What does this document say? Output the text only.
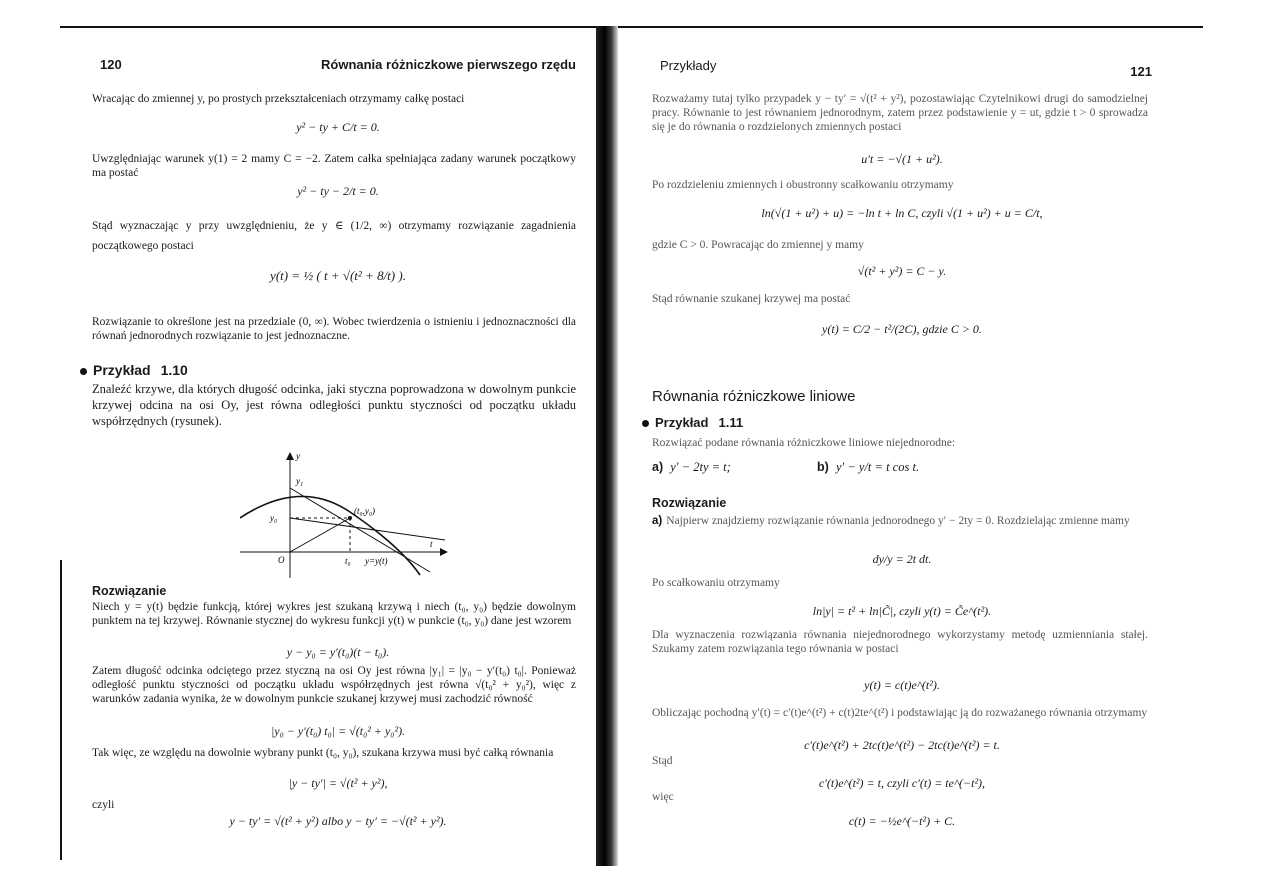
120	Równania różniczkowe pierwszego rzędu

Wracając do zmiennej y, po prostych przekształceniach otrzymamy całkę postaci

y² − ty + C/t = 0.

Uwzględniając warunek y(1) = 2 mamy C = −2. Zatem całka spełniająca zadany warunek początkowy ma postać

y² − ty − 2/t = 0.

Stąd wyznaczając y przy uwzględnieniu, że y ∈ (1/2, ∞) otrzymamy rozwiązanie zagadnienia początkowego postaci

y(t) = ½ ( t + √(t² + 8/t) ).

Rozwiązanie to określone jest na przedziale (0, ∞). Wobec twierdzenia o istnieniu i jednoznaczności dla równań jednorodnych rozwiązanie to jest jednoznaczne.

Przykład 1.10

Znaleźć krzywe, dla których długość odcinka, jaki styczna poprowadzona w dowolnym punkcie krzywej odcina na osi Oy, jest równa odległości punktu styczności od początku układu współrzędnych (rysunek).

y
y₁
y₀
(t₀,y₀)
t
O	t₀ y=y(t)
Rozwiązanie

Niech y = y(t) będzie funkcją, której wykres jest szukaną krzywą i niech (t₀, y₀) będzie dowolnym punktem na tej krzywej. Równanie stycznej do wykresu funkcji y(t) w punkcie (t₀, y₀) dane jest wzorem

y − y₀ = y′(t₀)(t − t₀).

Zatem długość odcinka odciętego przez styczną na osi Oy jest równa |y₁| = |y₀ − y′(t₀) t₀|. Ponieważ odległość punktu styczności od początku układu współrzędnych jest równa √(t₀² + y₀²), więc z warunków zadania wynika, że w dowolnym punkcie szukanej krzywej musi zachodzić równość

|y₀ − y′(t₀) t₀| = √(t₀² + y₀²).

Tak więc, ze względu na dowolnie wybrany punkt (t₀, y₀), szukana krzywa musi być całką równania

|y − ty′| = √(t² + y²),

czyli

y − ty′ = √(t² + y²) albo y − ty′ = −√(t² + y²).
Przykłady	121

Rozważamy tutaj tylko przypadek y − ty′ = √(t² + y²), pozostawiając Czytelnikowi drugi do samodzielnej pracy. Równanie to jest równaniem jednorodnym, zatem przez podstawienie y = ut, gdzie t > 0 sprowadza się je do równania o rozdzielonych zmiennych postaci

u′t = −√(1 + u²).

Po rozdzieleniu zmiennych i obustronny scałkowaniu otrzymamy

ln(√(1 + u²) + u) = −ln t + ln C, czyli √(1 + u²) + u = C/t,

gdzie C > 0. Powracając do zmiennej y mamy

√(t² + y²) = C − y.

Stąd równanie szukanej krzywej ma postać

y(t) = C/2 − t²/(2C), gdzie C > 0.
Równania różniczkowe liniowe
Przykład 1.11

Rozwiązać podane równania różniczkowe liniowe niejednorodne:

a) y′ − 2ty = t;	b) y′ − y/t = t cos t.
Rozwiązanie

a) Najpierw znajdziemy rozwiązanie równania jednorodnego y′ − 2ty = 0. Rozdzielając zmienne mamy

dy/y = 2t dt.

Po scałkowaniu otrzymamy

ln|y| = t² + ln|C̃|, czyli y(t) = C̃e^(t²).

Dla wyznaczenia rozwiązania równania niejednorodnego wykorzystamy metodę uzmienniania stałej. Szukamy zatem rozwiązania tego równania w postaci

y(t) = c(t)e^(t²).

Obliczając pochodną y′(t) = c′(t)e^(t²) + c(t)2te^(t²) i podstawiając ją do rozważanego równania otrzymamy

c′(t)e^(t²) + 2tc(t)e^(t²) − 2tc(t)e^(t²) = t.

Stąd

c′(t)e^(t²) = t, czyli c′(t) = te^(−t²),

więc

c(t) = −½e^(−t²) + C.
